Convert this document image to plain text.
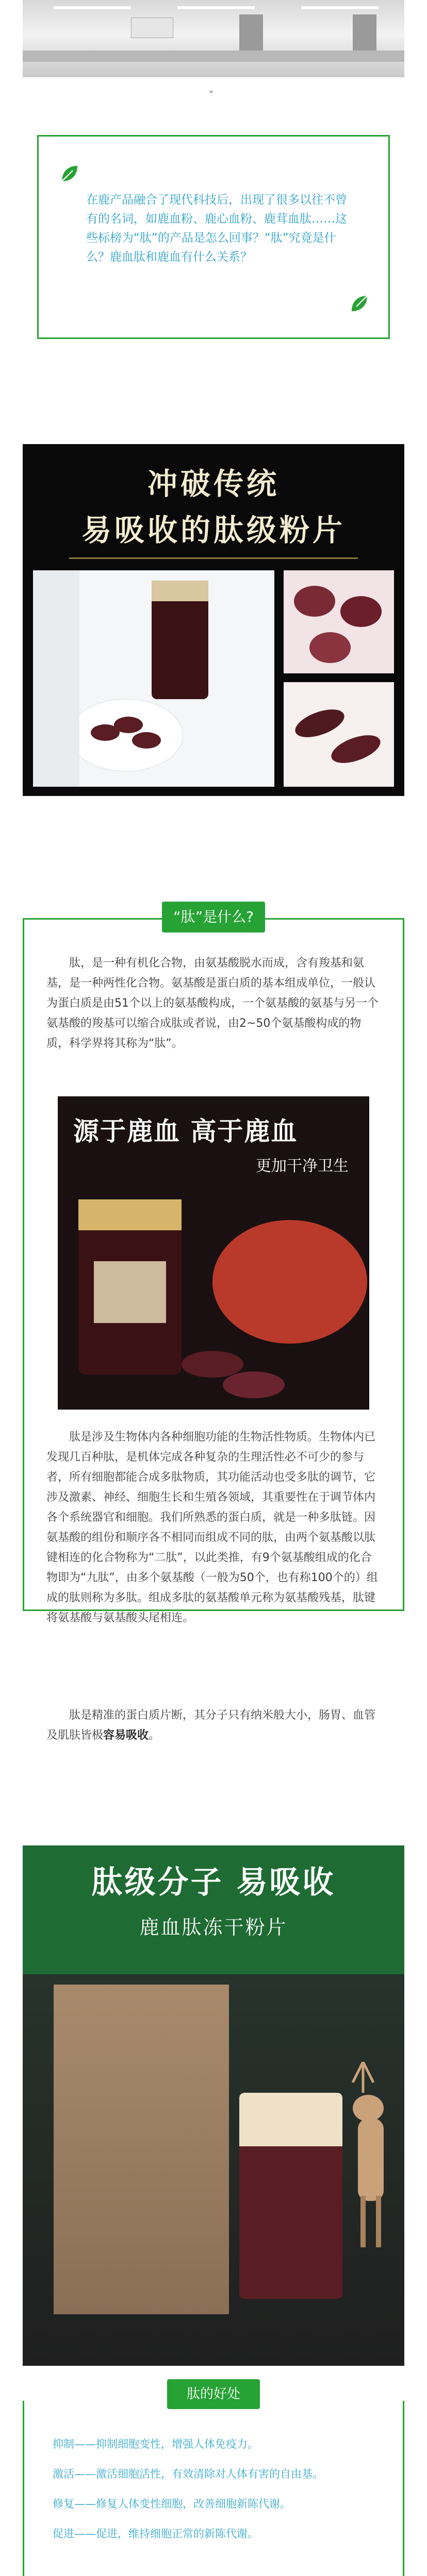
ˇ
在鹿产品融合了现代科技后，出现了很多以往不曾有的名词，如鹿血粉、鹿心血粉、鹿茸血肽……这些标榜为“肽”的产品是怎么回事？“肽”究竟是什么？鹿血肽和鹿血有什么关系？
冲破传统
易吸收的肽级粉片
“肽”是什么?
肽，是一种有机化合物，由氨基酸脱水而成，含有羧基和氨基，是一种两性化合物。氨基酸是蛋白质的基本组成单位，一般认为蛋白质是由51个以上的氨基酸构成，一个氨基酸的氨基与另一个氨基酸的羧基可以缩合成肽或者说，由2~50个氨基酸构成的物质，科学界将其称为“肽”。
源于鹿血 高于鹿血
更加干净卫生
肽是涉及生物体内各种细胞功能的生物活性物质。生物体内已发现几百种肽，是机体完成各种复杂的生理活性必不可少的参与者，所有细胞都能合成多肽物质，其功能活动也受多肽的调节，它涉及激素、神经、细胞生长和生殖各领域，其重要性在于调节体内各个系统器官和细胞。我们所熟悉的蛋白质，就是一种多肽链。因氨基酸的组份和顺序各不相同而组成不同的肽，由两个氨基酸以肽键相连的化合物称为“二肽”，以此类推，有9个氨基酸组成的化合物即为“九肽”，由多个氨基酸（一般为50个，也有称100个的）组成的肽则称为多肽。组成多肽的氨基酸单元称为氨基酸残基，肽键将氨基酸与氨基酸头尾相连。
肽是精准的蛋白质片断，其分子只有纳米般大小，肠胃、血管及肌肤皆极容易吸收。
肽级分子 易吸收
鹿血肽冻干粉片
肽的好处
抑制——抑制细胞变性，增强人体免疫力。
激活——激活细胞活性，有效清除对人体有害的自由基。
修复——修复人体变性细胞，改善细胞新陈代谢。
促进——促进，维持细胞正常的新陈代谢。
